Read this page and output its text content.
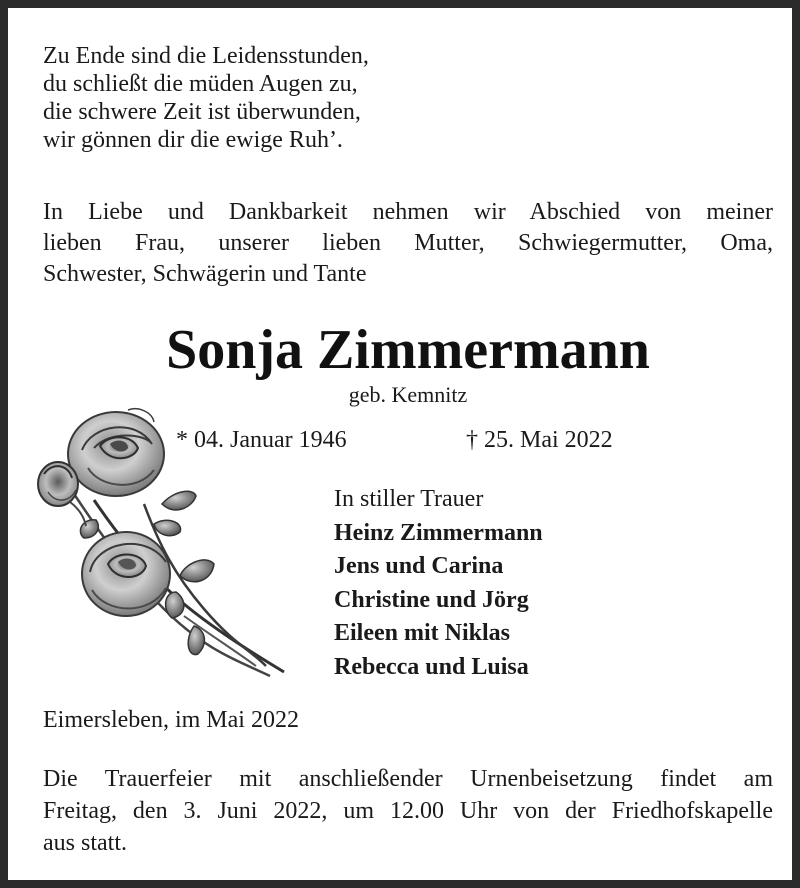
Zu Ende sind die Leidensstunden,
du schließt die müden Augen zu,
die schwere Zeit ist überwunden,
wir gönnen dir die ewige Ruh’.
In Liebe und Dankbarkeit nehmen wir Abschied von meiner
lieben Frau, unserer lieben Mutter, Schwiegermutter, Oma,
Schwester, Schwägerin und Tante
Sonja Zimmermann
geb. Kemnitz
* 04. Januar 1946	† 25. Mai 2022
In stiller Trauer
Heinz Zimmermann
Jens und Carina
Christine und Jörg
Eileen mit Niklas
Rebecca und Luisa
Eimersleben, im Mai 2022
Die Trauerfeier mit anschließender Urnenbeisetzung findet am
Freitag, den 3. Juni 2022, um 12.00 Uhr von der Friedhofskapelle
aus statt.
